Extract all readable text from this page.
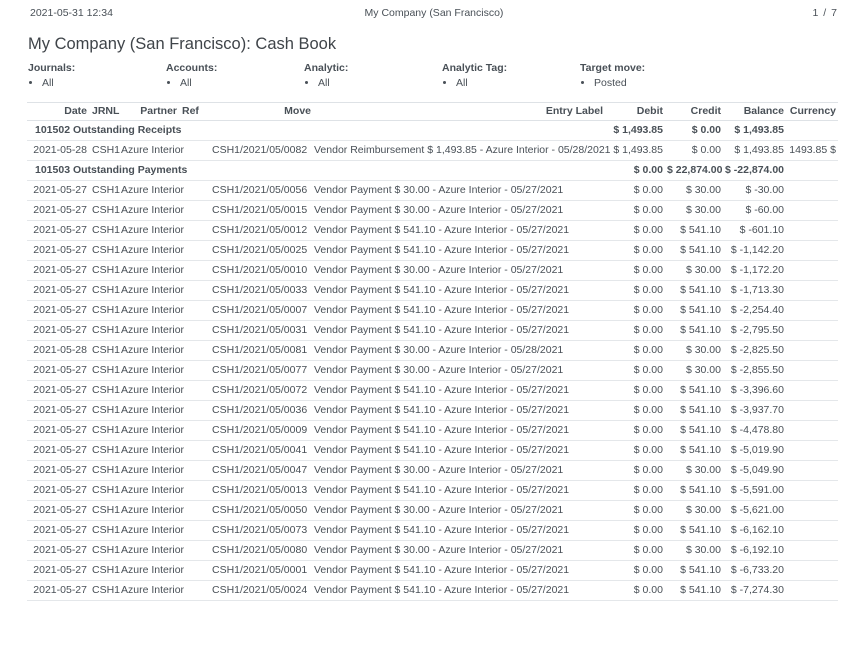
2021-05-31 12:34	My Company (San Francisco)	1 / 7
My Company (San Francisco): Cash Book
Journals:
• All
Accounts:
• All
Analytic:
• All
Analytic Tag:
• All
Target move:
• Posted
Date	JRNL	Partner	Ref	Move	Entry Label	Debit	Credit	Balance	Currency
101502 Outstanding Receipts						$ 1,493.85	$ 0.00	$ 1,493.85	
2021-05-28	CSH1	Azure Interior		CSH1/2021/05/0082	Vendor Reimbursement $ 1,493.85 - Azure Interior - 05/28/2021	$ 1,493.85	$ 0.00	$ 1,493.85	1493.85 $
101503 Outstanding Payments						$ 0.00	$ 22,874.00	$ -22,874.00	
2021-05-27	CSH1	Azure Interior		CSH1/2021/05/0056	Vendor Payment $ 30.00 - Azure Interior - 05/27/2021	$ 0.00	$ 30.00	$ -30.00	
2021-05-27	CSH1	Azure Interior		CSH1/2021/05/0015	Vendor Payment $ 30.00 - Azure Interior - 05/27/2021	$ 0.00	$ 30.00	$ -60.00	
2021-05-27	CSH1	Azure Interior		CSH1/2021/05/0012	Vendor Payment $ 541.10 - Azure Interior - 05/27/2021	$ 0.00	$ 541.10	$ -601.10	
2021-05-27	CSH1	Azure Interior		CSH1/2021/05/0025	Vendor Payment $ 541.10 - Azure Interior - 05/27/2021	$ 0.00	$ 541.10	$ -1,142.20	
2021-05-27	CSH1	Azure Interior		CSH1/2021/05/0010	Vendor Payment $ 30.00 - Azure Interior - 05/27/2021	$ 0.00	$ 30.00	$ -1,172.20	
2021-05-27	CSH1	Azure Interior		CSH1/2021/05/0033	Vendor Payment $ 541.10 - Azure Interior - 05/27/2021	$ 0.00	$ 541.10	$ -1,713.30	
2021-05-27	CSH1	Azure Interior		CSH1/2021/05/0007	Vendor Payment $ 541.10 - Azure Interior - 05/27/2021	$ 0.00	$ 541.10	$ -2,254.40	
2021-05-27	CSH1	Azure Interior		CSH1/2021/05/0031	Vendor Payment $ 541.10 - Azure Interior - 05/27/2021	$ 0.00	$ 541.10	$ -2,795.50	
2021-05-28	CSH1	Azure Interior		CSH1/2021/05/0081	Vendor Payment $ 30.00 - Azure Interior - 05/28/2021	$ 0.00	$ 30.00	$ -2,825.50	
2021-05-27	CSH1	Azure Interior		CSH1/2021/05/0077	Vendor Payment $ 30.00 - Azure Interior - 05/27/2021	$ 0.00	$ 30.00	$ -2,855.50	
2021-05-27	CSH1	Azure Interior		CSH1/2021/05/0072	Vendor Payment $ 541.10 - Azure Interior - 05/27/2021	$ 0.00	$ 541.10	$ -3,396.60	
2021-05-27	CSH1	Azure Interior		CSH1/2021/05/0036	Vendor Payment $ 541.10 - Azure Interior - 05/27/2021	$ 0.00	$ 541.10	$ -3,937.70	
2021-05-27	CSH1	Azure Interior		CSH1/2021/05/0009	Vendor Payment $ 541.10 - Azure Interior - 05/27/2021	$ 0.00	$ 541.10	$ -4,478.80	
2021-05-27	CSH1	Azure Interior		CSH1/2021/05/0041	Vendor Payment $ 541.10 - Azure Interior - 05/27/2021	$ 0.00	$ 541.10	$ -5,019.90	
2021-05-27	CSH1	Azure Interior		CSH1/2021/05/0047	Vendor Payment $ 30.00 - Azure Interior - 05/27/2021	$ 0.00	$ 30.00	$ -5,049.90	
2021-05-27	CSH1	Azure Interior		CSH1/2021/05/0013	Vendor Payment $ 541.10 - Azure Interior - 05/27/2021	$ 0.00	$ 541.10	$ -5,591.00	
2021-05-27	CSH1	Azure Interior		CSH1/2021/05/0050	Vendor Payment $ 30.00 - Azure Interior - 05/27/2021	$ 0.00	$ 30.00	$ -5,621.00	
2021-05-27	CSH1	Azure Interior		CSH1/2021/05/0073	Vendor Payment $ 541.10 - Azure Interior - 05/27/2021	$ 0.00	$ 541.10	$ -6,162.10	
2021-05-27	CSH1	Azure Interior		CSH1/2021/05/0080	Vendor Payment $ 30.00 - Azure Interior - 05/27/2021	$ 0.00	$ 30.00	$ -6,192.10	
2021-05-27	CSH1	Azure Interior		CSH1/2021/05/0001	Vendor Payment $ 541.10 - Azure Interior - 05/27/2021	$ 0.00	$ 541.10	$ -6,733.20	
2021-05-27	CSH1	Azure Interior		CSH1/2021/05/0024	Vendor Payment $ 541.10 - Azure Interior - 05/27/2021	$ 0.00	$ 541.10	$ -7,274.30	
